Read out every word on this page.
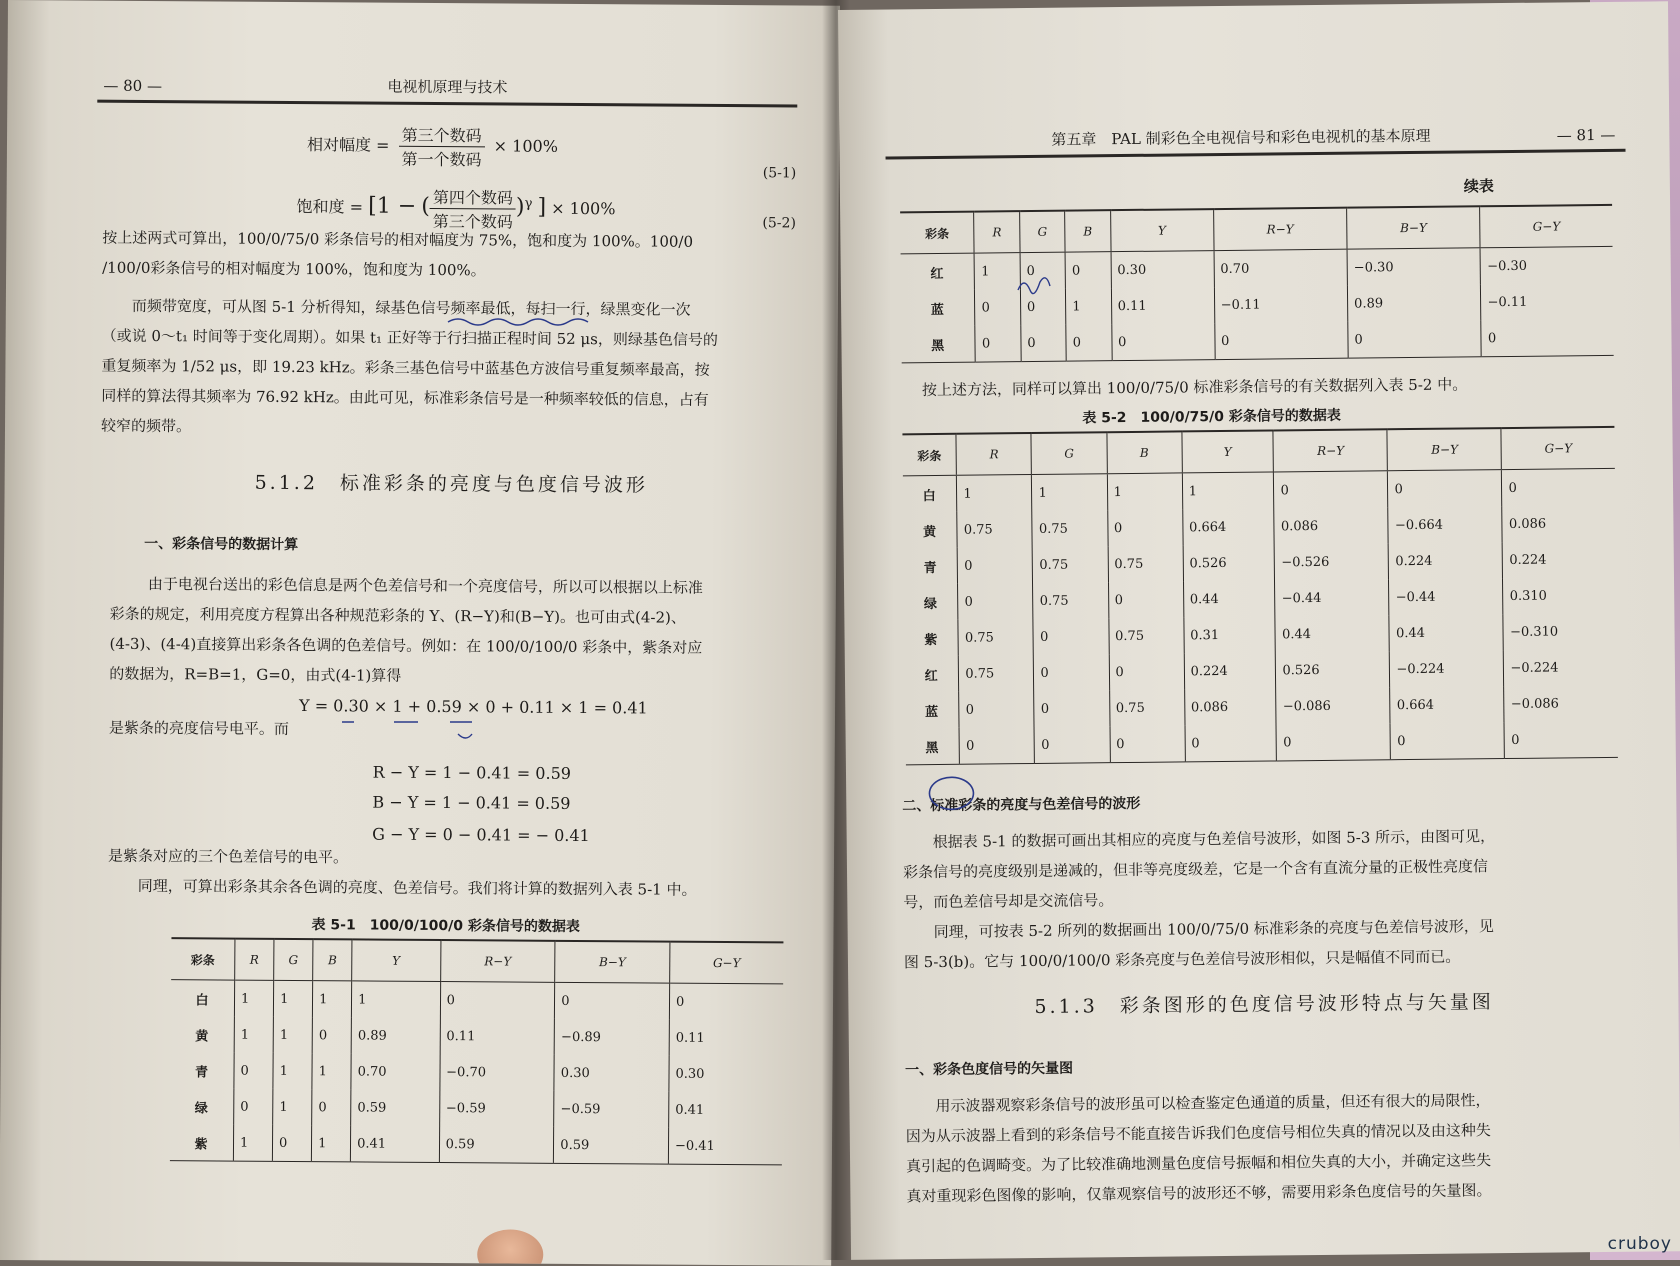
— 80 —	电视机原理与技术
相对幅度 = $\frac{\text{第三个数码}}{\text{第一个数码}} \times 100\%$
(5-1)
饱和度 = [1 − ( $\frac{\text{第四个数码}}{\text{第三个数码}} )^\gamma$ ] × 100%
(5-2)

按上述两式可算出，100/0/75/0 彩条信号的相对幅度为 75%，饱和度为 100%。100/0

/100/0彩条信号的相对幅度为 100%，饱和度为 100%。

而频带宽度，可从图 5-1 分析得知，绿基色信号频率最低，每扫一行，绿黑变化一次

（或说 0～t₁ 时间等于变化周期）。如果 t₁ 正好等于行扫描正程时间 52 μs，则绿基色信号的

重复频率为 1/52 μs，即 19.23 kHz。彩条三基色信号中蓝基色方波信号重复频率最高，按

同样的算法得其频率为 76.92 kHz。由此可见，标准彩条信号是一种频率较低的信息，占有

较窄的频带。

5.1.2　标准彩条的亮度与色度信号波形
一、彩条信号的数据计算

由于电视台送出的彩色信息是两个色差信号和一个亮度信号，所以可以根据以上标准

彩条的规定，利用亮度方程算出各种规范彩条的 Y、(R−Y)和(B−Y)。也可由式(4-2)、

(4-3)、(4-4)直接算出彩条各色调的色差信号。例如：在 100/0/100/0 彩条中，紫条对应

的数据为，R=B=1，G=0，由式(4-1)算得

Y = 0.30 × 1 + 0.59 × 0 + 0.11 × 1 = 0.41
是紫条的亮度信号电平。而
R − Y = 1 − 0.41 = 0.59
B − Y = 1 − 0.41 = 0.59
G − Y = 0 − 0.41 = − 0.41
是紫条对应的三个色差信号的电平。
同理，可算出彩条其余各色调的亮度、色差信号。我们将计算的数据列入表 5-1 中。
表 5-1　100/0/100/0 彩条信号的数据表
彩条	R	G	B	Y	R−Y	B−Y	G−Y
白	1	1	1	1	0	0	0
黄	1	1	0	0.89	0.11	−0.89	0.11
青	0	1	1	0.70	−0.70	0.30	0.30
绿	0	1	0	0.59	−0.59	−0.59	0.41
紫	1	0	1	0.41	0.59	0.59	−0.41
第五章　PAL 制彩色全电视信号和彩色电视机的基本原理	— 81 —
续表
彩条	R	G	B	Y	R−Y	B−Y	G−Y
红	1	0	0	0.30	0.70	−0.30	−0.30
蓝	0	0	1	0.11	−0.11	0.89	−0.11
黑	0	0	0	0	0	0	0
按上述方法，同样可以算出 100/0/75/0 标准彩条信号的有关数据列入表 5-2 中。
表 5-2　100/0/75/0 彩条信号的数据表
彩条	R	G	B	Y	R−Y	B−Y	G−Y
白	1	1	1	1	0	0	0
黄	0.75	0.75	0	0.664	0.086	−0.664	0.086
青	0	0.75	0.75	0.526	−0.526	0.224	0.224
绿	0	0.75	0	0.44	−0.44	−0.44	0.310
紫	0.75	0	0.75	0.31	0.44	0.44	−0.310
红	0.75	0	0	0.224	0.526	−0.224	−0.224
蓝	0	0	0.75	0.086	−0.086	0.664	−0.086
黑	0	0	0	0	0	0	0
二、标准彩条的亮度与色差信号的波形

根据表 5-1 的数据可画出其相应的亮度与色差信号波形，如图 5-3 所示，由图可见，

彩条信号的亮度级别是递减的，但非等亮度级差，它是一个含有直流分量的正极性亮度信

号，而色差信号却是交流信号。

同理，可按表 5-2 所列的数据画出 100/0/75/0 标准彩条的亮度与色差信号波形，见

图 5-3(b)。它与 100/0/100/0 彩条亮度与色差信号波形相似，只是幅值不同而已。

5.1.3　彩条图形的色度信号波形特点与矢量图
一、彩条色度信号的矢量图

用示波器观察彩条信号的波形虽可以检查鉴定色通道的质量，但还有很大的局限性，

因为从示波器上看到的彩条信号不能直接告诉我们色度信号相位失真的情况以及由这种失

真引起的色调畸变。为了比较准确地测量色度信号振幅和相位失真的大小，并确定这些失

真对重现彩色图像的影响，仅靠观察信号的波形还不够，需要用彩条色度信号的矢量图。

cruboy
